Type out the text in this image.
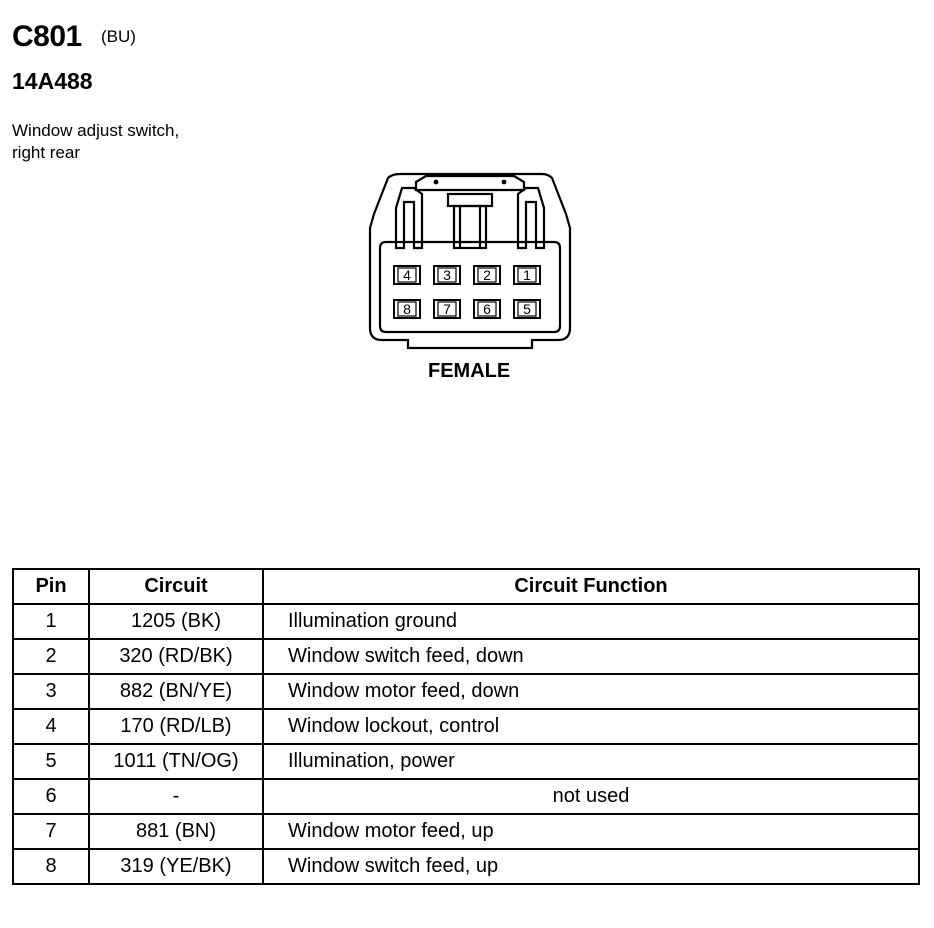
C801 (BU)
14A488
Window adjust switch,
right rear
4 3 2 1
8 7 6 5
FEMALE
Pin	Circuit	Circuit Function
1	1205 (BK)	Illumination ground
2	320 (RD/BK)	Window switch feed, down
3	882 (BN/YE)	Window motor feed, down
4	170 (RD/LB)	Window lockout, control
5	1011 (TN/OG)	Illumination, power
6	-	not used
7	881 (BN)	Window motor feed, up
8	319 (YE/BK)	Window switch feed, up
